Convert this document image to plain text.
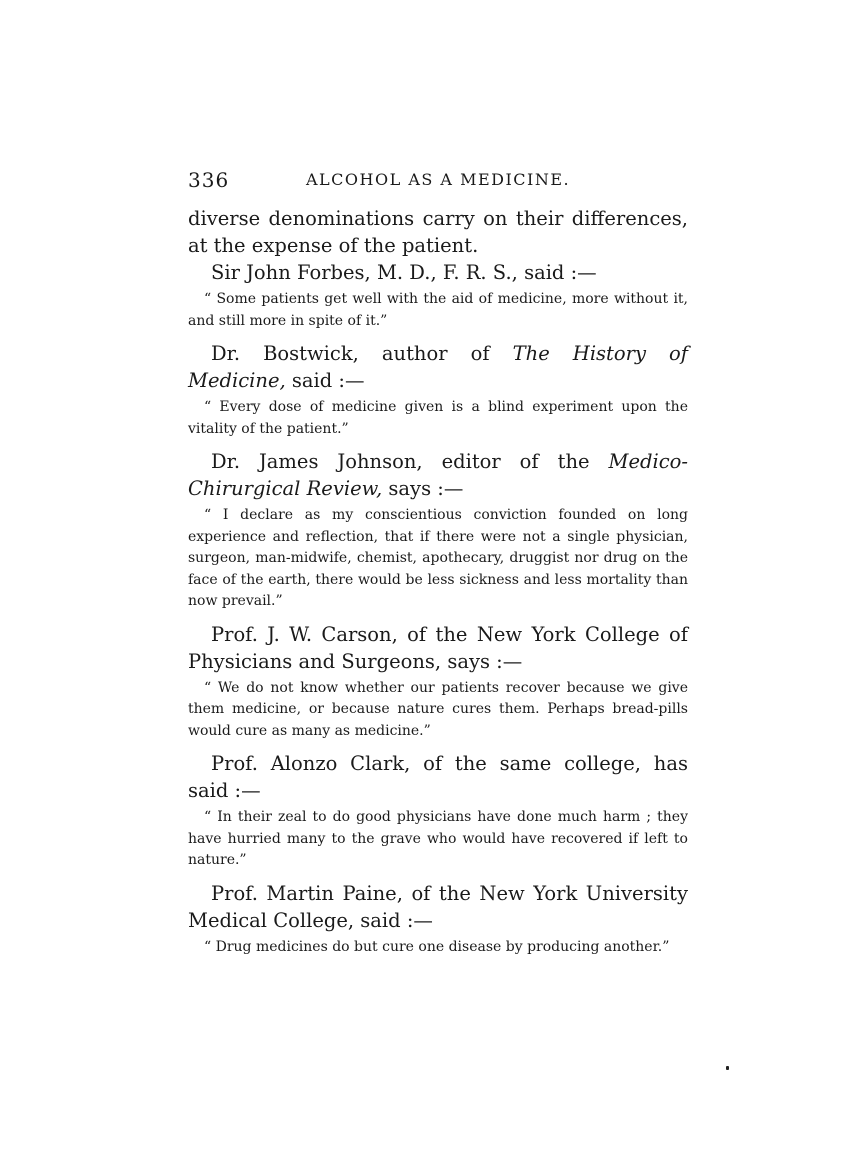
336	ALCOHOL AS A MEDICINE.

diverse denominations carry on their differences, at the expense of the patient.

Sir John Forbes, M. D., F. R. S., said :—

“ Some patients get well with the aid of medicine, more without it, and still more in spite of it.”

Dr. Bostwick, author of The History of Medicine, said :—

“ Every dose of medicine given is a blind experiment upon the vitality of the patient.”

Dr. James Johnson, editor of the Medico-Chirurgical Review, says :—

“ I declare as my conscientious conviction founded on long experience and reflection, that if there were not a single physician, surgeon, man-midwife, chemist, apothecary, druggist nor drug on the face of the earth, there would be less sickness and less mortality than now prevail.”

Prof. J. W. Carson, of the New York College of Physicians and Surgeons, says :—

“ We do not know whether our patients recover because we give them medicine, or because nature cures them. Perhaps bread-pills would cure as many as medicine.”

Prof. Alonzo Clark, of the same college, has said :—

“ In their zeal to do good physicians have done much harm ; they have hurried many to the grave who would have recovered if left to nature.”

Prof. Martin Paine, of the New York University Medical College, said :—

“ Drug medicines do but cure one disease by producing another.”
